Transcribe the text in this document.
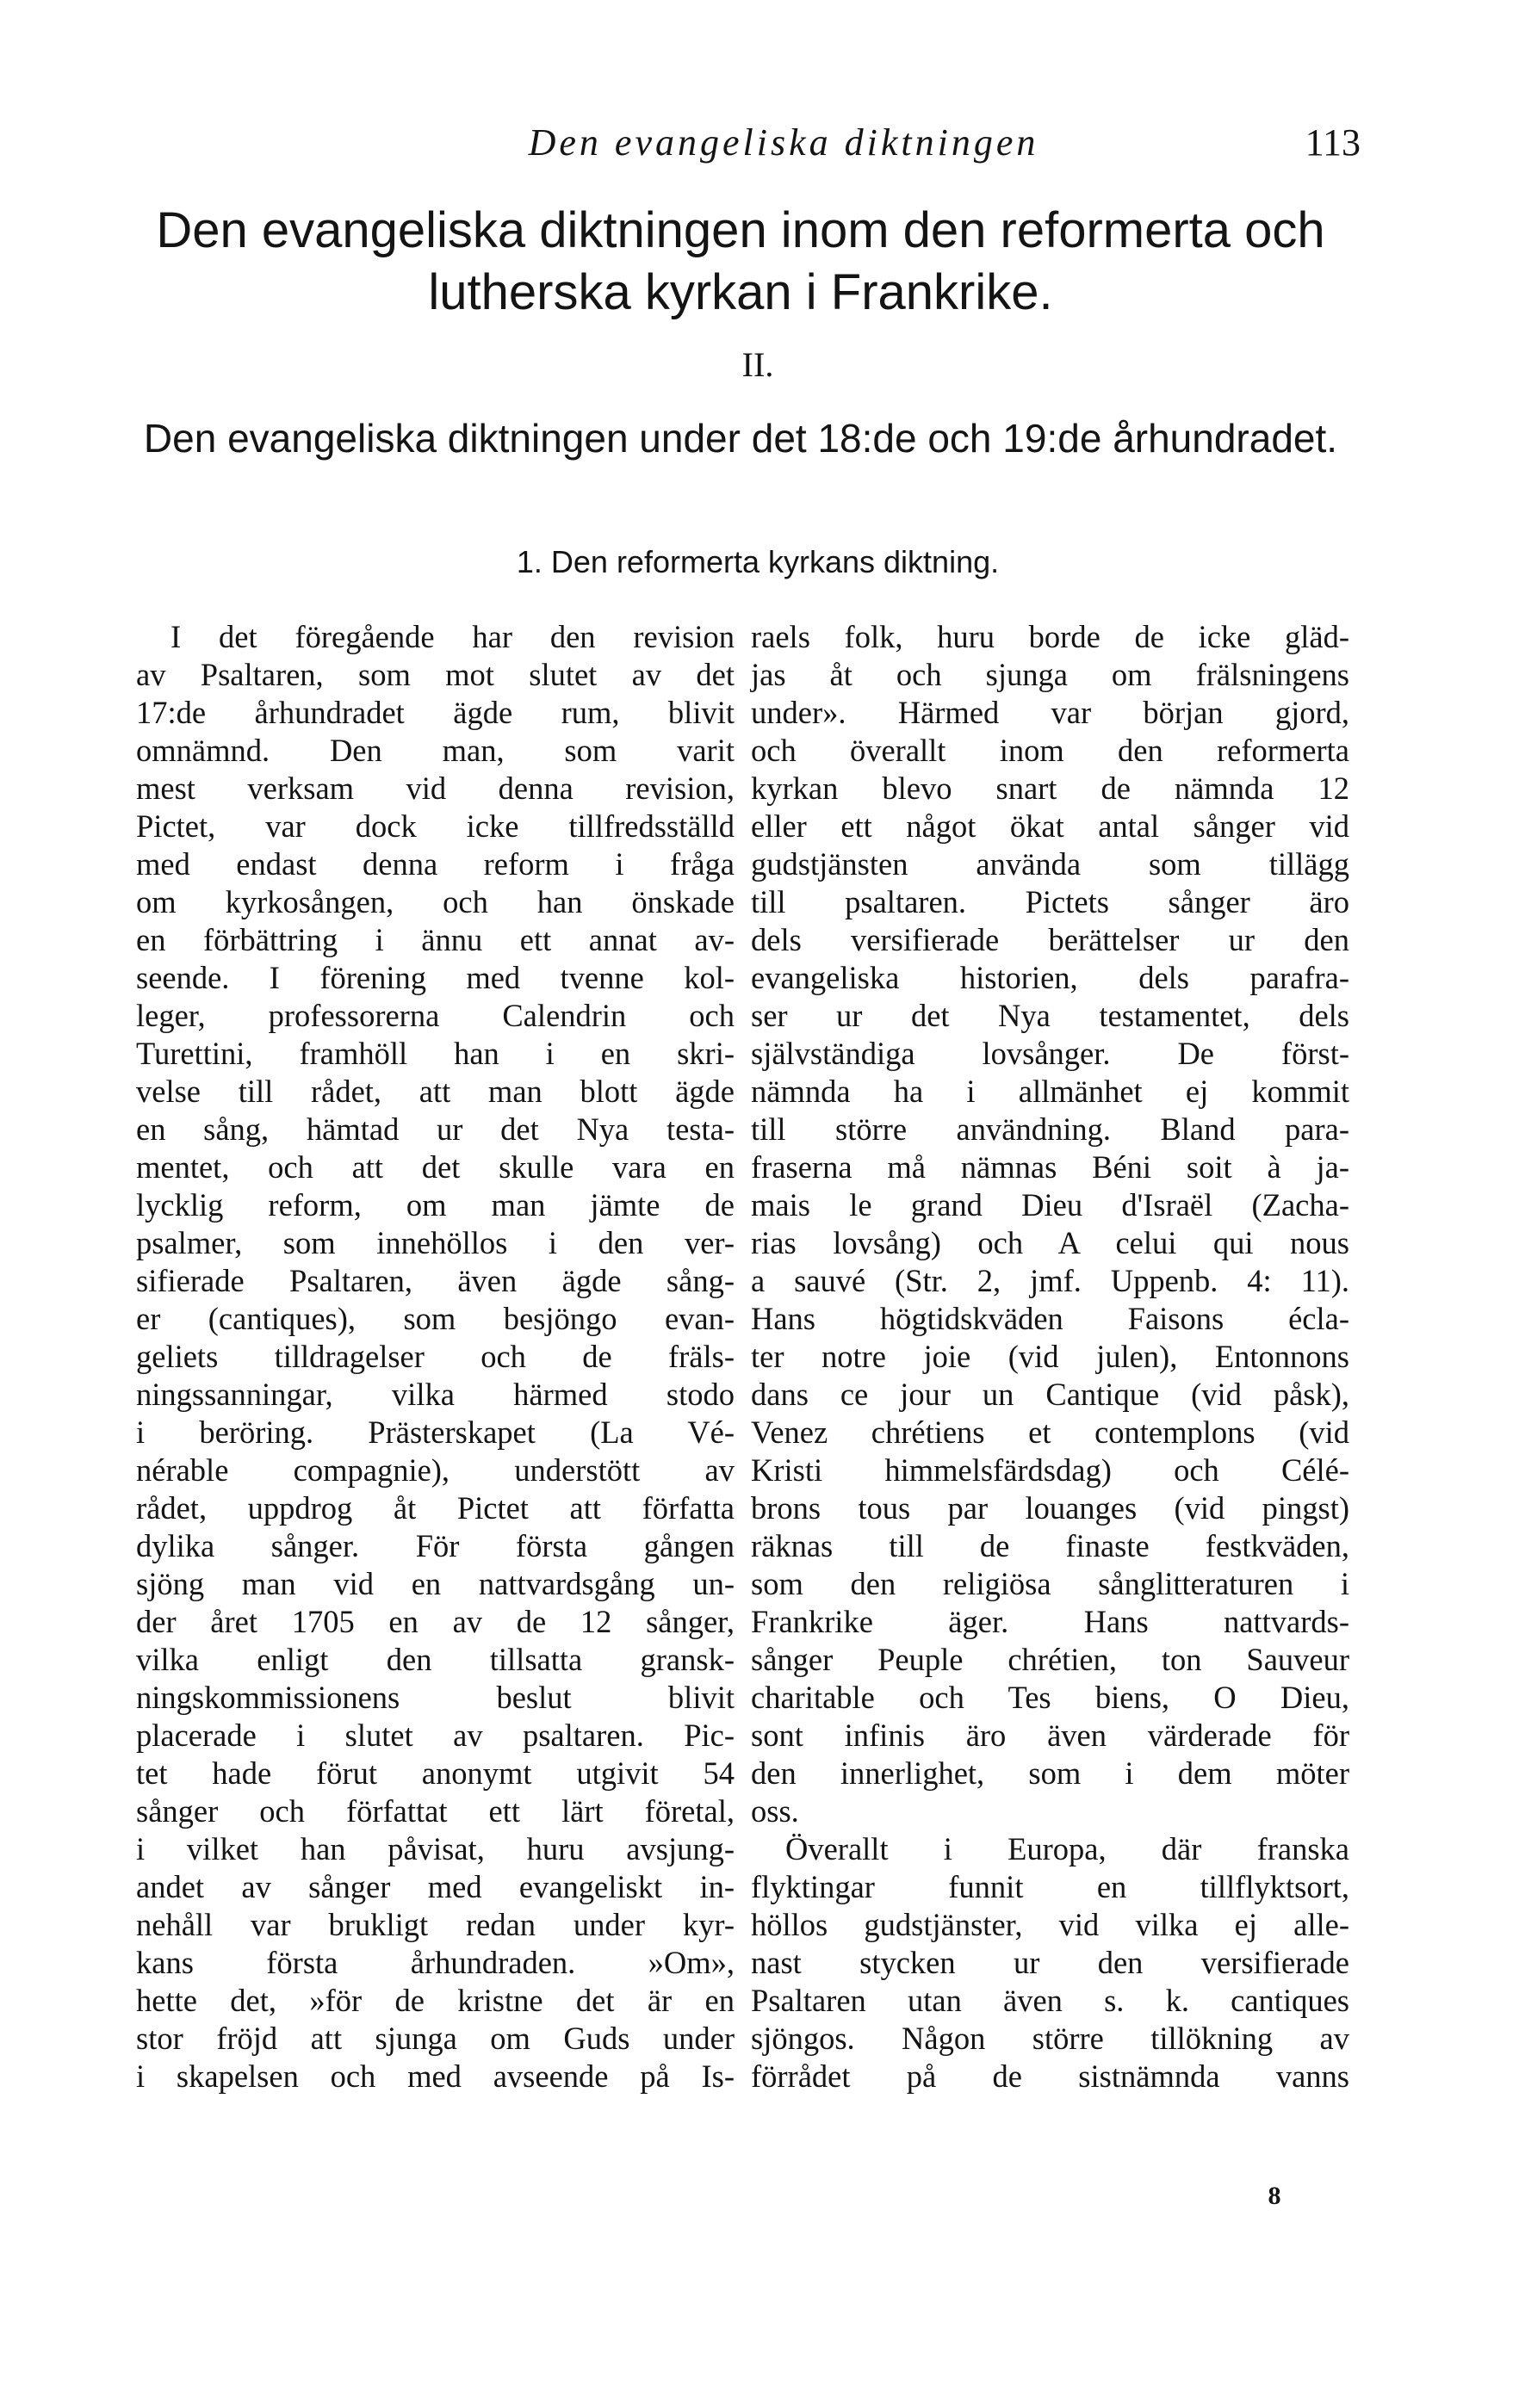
Den evangeliska diktningen	113
Den evangeliska diktningen inom den reformerta och lutherska kyrkan i Frankrike.
II.
Den evangeliska diktningen under det 18:de och 19:de århundradet.
1. Den reformerta kyrkans diktning.
I det föregående har den revision
av Psaltaren, som mot slutet av det
17:de århundradet ägde rum, blivit
omnämnd. Den man, som varit
mest verksam vid denna revision,
Pictet, var dock icke tillfredsställd
med endast denna reform i fråga
om kyrkosången, och han önskade
en förbättring i ännu ett annat av-
seende. I förening med tvenne kol-
leger, professorerna Calendrin och
Turettini, framhöll han i en skri-
velse till rådet, att man blott ägde
en sång, hämtad ur det Nya testa-
mentet, och att det skulle vara en
lycklig reform, om man jämte de
psalmer, som innehöllos i den ver-
sifierade Psaltaren, även ägde sång-
er (cantiques), som besjöngo evan-
geliets tilldragelser och de fräls-
ningssanningar, vilka härmed stodo
i beröring. Prästerskapet (La Vé-
nérable compagnie), understött av
rådet, uppdrog åt Pictet att författa
dylika sånger. För första gången
sjöng man vid en nattvardsgång un-
der året 1705 en av de 12 sånger,
vilka enligt den tillsatta gransk-
ningskommissionens beslut blivit
placerade i slutet av psaltaren. Pic-
tet hade förut anonymt utgivit 54
sånger och författat ett lärt företal,
i vilket han påvisat, huru avsjung-
andet av sånger med evangeliskt in-
nehåll var brukligt redan under kyr-
kans första århundraden. »Om»,
hette det, »för de kristne det är en
stor fröjd att sjunga om Guds under
i skapelsen och med avseende på Is-
raels folk, huru borde de icke gläd-
jas åt och sjunga om frälsningens
under». Härmed var början gjord,
och överallt inom den reformerta
kyrkan blevo snart de nämnda 12
eller ett något ökat antal sånger vid
gudstjänsten använda som tillägg
till psaltaren. Pictets sånger äro
dels versifierade berättelser ur den
evangeliska historien, dels parafra-
ser ur det Nya testamentet, dels
självständiga lovsånger. De först-
nämnda ha i allmänhet ej kommit
till större användning. Bland para-
fraserna må nämnas Béni soit à ja-
mais le grand Dieu d'Israël (Zacha-
rias lovsång) och A celui qui nous
a sauvé (Str. 2, jmf. Uppenb. 4: 11).
Hans högtidskväden Faisons écla-
ter notre joie (vid julen), Entonnons
dans ce jour un Cantique (vid påsk),
Venez chrétiens et contemplons (vid
Kristi himmelsfärdsdag) och Célé-
brons tous par louanges (vid pingst)
räknas till de finaste festkväden,
som den religiösa sånglitteraturen i
Frankrike äger. Hans nattvards-
sånger Peuple chrétien, ton Sauveur
charitable och Tes biens, O Dieu,
sont infinis äro även värderade för
den innerlighet, som i dem möter
oss.
Överallt i Europa, där franska
flyktingar funnit en tillflyktsort,
höllos gudstjänster, vid vilka ej alle-
nast stycken ur den versifierade
Psaltaren utan även s. k. cantiques
sjöngos. Någon större tillökning av
förrådet på de sistnämnda vanns
8
